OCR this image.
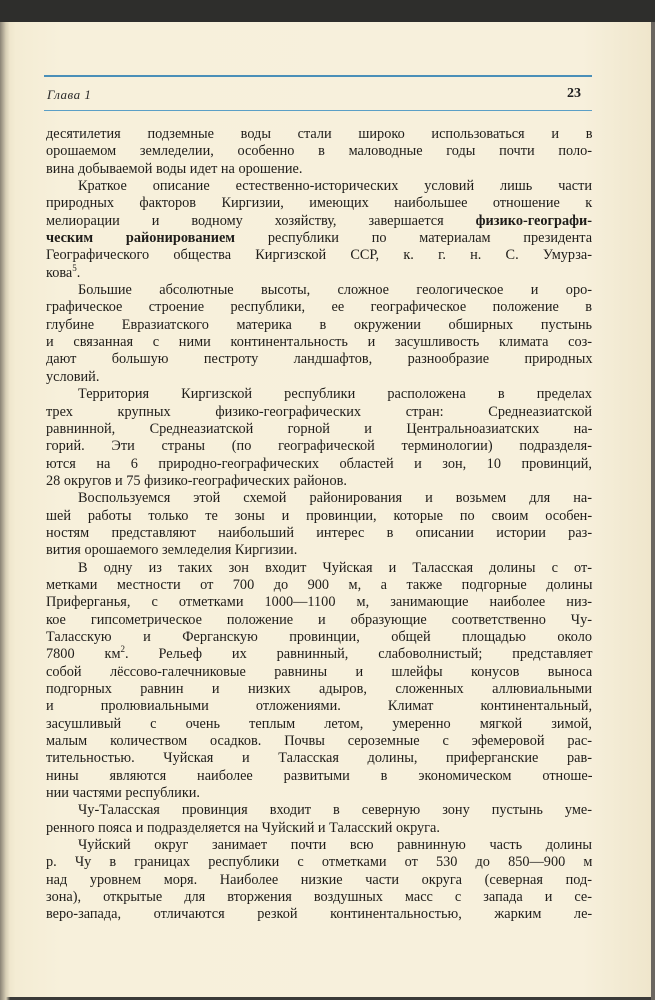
Глава 1	23
десятилетия подземные воды стали широко использоваться и в
орошаемом земледелии, особенно в маловодные годы почти поло-
вина добываемой воды идет на орошение.
Краткое описание естественно-исторических условий лишь части
природных факторов Киргизии, имеющих наибольшее отношение к
мелиорации и водному хозяйству, завершается физико-географи-
ческим районированием республики по материалам президента
Географического общества Киргизской ССР, к. г. н. С. Умурза-
кова$^5$.
Большие абсолютные высоты, сложное геологическое и оро-
графическое строение республики, ее географическое положение в
глубине Евразиатского материка в окружении обширных пустынь
и связанная с ними континентальность и засушливость климата соз-
дают большую пестроту ландшафтов, разнообразие природных
условий.
Территория Киргизской республики расположена в пределах
трех крупных физико-географических стран: Среднеазиатской
равнинной, Среднеазиатской горной и Центральноазиатских на-
горий. Эти страны (по географической терминологии) подразделя-
ются на 6 природно-географических областей и зон, 10 провинций,
28 округов и 75 физико-географических районов.
Воспользуемся этой схемой районирования и возьмем для на-
шей работы только те зоны и провинции, которые по своим особен-
ностям представляют наибольший интерес в описании истории раз-
вития орошаемого земледелия Киргизии.
В одну из таких зон входит Чуйская и Таласская долины с от-
метками местности от 700 до 900 м, а также подгорные долины
Приферганья, с отметками 1000—1100 м, занимающие наиболее низ-
кое гипсометрическое положение и образующие соответственно Чу-
Таласскую и Ферганскую провинции, общей площадью около
7800 $км^2$. Рельеф их равнинный, слабоволнистый; представляет
собой лёссово-галечниковые равнины и шлейфы конусов выноса
подгорных равнин и низких адыров, сложенных аллювиальными
и пролювиальными отложениями. Климат континентальный,
засушливый с очень теплым летом, умеренно мягкой зимой,
малым количеством осадков. Почвы сероземные с эфемеровой рас-
тительностью. Чуйская и Таласская долины, приферганские рав-
нины являются наиболее развитыми в экономическом отноше-
нии частями республики.
Чу-Таласская провинция входит в северную зону пустынь уме-
ренного пояса и подразделяется на Чуйский и Таласский округа.
Чуйский округ занимает почти всю равнинную часть долины
р. Чу в границах республики с отметками от 530 до 850—900 м
над уровнем моря. Наиболее низкие части округа (северная под-
зона), открытые для вторжения воздушных масс с запада и се-
веро-запада, отличаются резкой континентальностью, жарким ле-
